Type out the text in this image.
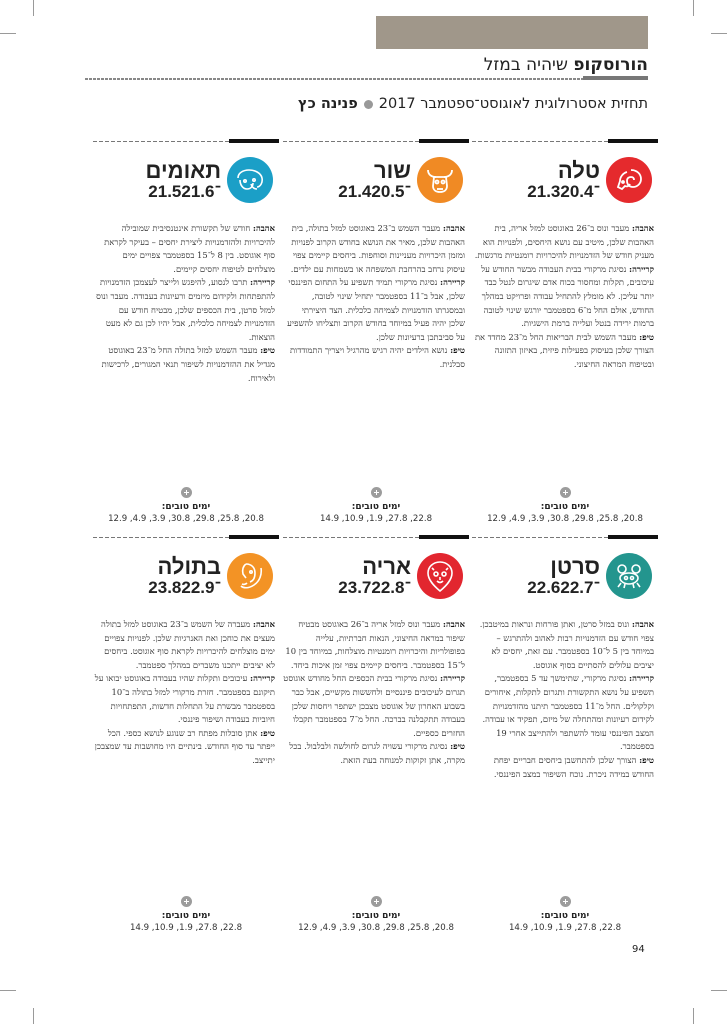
הורוסקופ שיהיה במזל
תחזית אסטרולוגית לאוגוסט־ספטמבר 2017פנינה כץ
טלה
21.3־20.4

אהבה: מעבר ונוס ב־26 באוגוסט למזל אריה, בית האהבות שלכן, מיטיב עם נושא היחסים, ולפנויות הוא מעניק חודש של הזדמנויות להיכרויות רומנטיות מרגשות.

קריירה: נסיגת מרקורי בבית העבודה מבשר החודש על עיכובים, תקלות ומחסור בכוח אדם שיגרום לנטל כבד יותר עליכן. לא מומלץ להתחיל עבודה ופרויקט במהלך החודש, אולם החל מ־6 בספטמבר יורגש שינוי לטובה ברמות ירידה בנטל ועלייה ברמת הישגיות.

טיפ: מעבר השמש לבית הבריאות החל מ־23 מחדד את הצורך שלכן בעיסוק בפעילות פיזית, באיזון התזונה ובטיפוח המראה החיצוני.

ימים טובים:
20.8, 25.8, 29.8, 30.8, 3.9, 4.9, 12.9
שור
21.4־20.5

אהבה: מעבר השמש ב־23 באוגוסט למזל בתולה, בית האהבות שלכן, מאיר את הנושא בחודש הקרוב לפנויות ומזמן היכרויות מעניינות וסוחפות. ביחסים קיימים צפוי עיסוק נרחב בהרחבת המשפחה או בשמחות עם ילדים.

קריירה: נסיגת מרקורי תמיד תשפיע על התחום הפיננסי שלכן, אבל ב־11 בספטמבר יתחיל שינוי לטובה, ובמסגרתו הזדמנויות לצמיחה כלכלית. הצד היצירתי שלכן יהיה פעיל במיוחד בחודש הקרוב ותצליחו להשפיע על סביבתכן ברעיונות שלכן.

טיפ: נושא הילדים יהיה רגיש מהרגיל ויצריך התמודדות סבלנית.

ימים טובים:
22.8, 27.8, 1.9, 10.9, 14.9
תאומים
21.5־21.6

אהבה: חודש של תקשורת אינטנסיבית שמובילה להיכרויות ולהזדמנויות ליצירת יחסים – בעיקר לקראת סוף אוגוסט. בין 8 ל־15 בספטמבר צפויים ימים מוצלחים לטיפוח יחסים קיימים.

קריירה: תרבו לנסוע, להיפגש ולייצר לעצמכן הזדמנויות להתפתחות ולקידום מיזמים ורעיונות בעבודה. מעבר ונוס למזל סרטן, בית הכספים שלכן, מבטיח חודש עם הזדמנויות לצמיחה כלכלית, אבל יהיו לכן גם לא מעט הוצאות.

טיפ: מעבר השמש למזל בתולה החל מ־23 באוגוסט מגדיל את ההזדמנויות לשיפור תנאי המגורים, לרכישות ולאירוח.

ימים טובים:
20.8, 25.8, 29.8, 30.8, 3.9, 4.9, 12.9
סרטן
22.6־22.7

אהבה: ונוס במזל סרטן, ואתן פורחות ונראות במיטבכן. צפוי חודש עם הזדמנויות רבות לאהוב ולהתרגש – במיוחד בין 5 ל־10 בספטמבר. עם זאת, יחסים לא יציבים עלולים להסתיים בסוף אוגוסט.

קריירה: נסיגת מרקורי, שתימשך עד 5 בספטמבר, תשפיע על נושא התקשורת ותגרום לתקלות, איחורים וקלקולים. החל מ־11 בספטמבר תיתנו מהזדמנויות לקידום רעיונות ומהתחלה של מיזם, תפקיד או עבודה. המצב הפיננסי עומד להשתפר ולהתייצב אחרי 19 בספטמבר.

טיפ: הצורך שלכן להתחשבן ביחסים חבריים יפחת החודש במידה ניכרת. נוכח השיפור במצב הפיננסי.

ימים טובים:
22.8, 27.8, 1.9, 10.9, 14.9
אריה
23.7־22.8

אהבה: מעבר ונוס למזל אריה ב־26 באוגוסט מבטיח שיפור במראה החיצוני, הנאות חברתיות, עלייה בפופולריות והיכרויות רומנטיות מוצלחות, במיוחד בין 10 ל־15 בספטמבר. ביחסים קיימים צפוי זמן איכות ביחד.

קריירה: נסיגת מרקורי בבית הכספים החל מחודש אוגוסט תגרום לעיכובים פיננסיים ולחששות מקשיים, אבל כבר בשבוע האחרון של אוגוסט מצבכן ישתפר ויחסות שלכן בעבודה תתקבלנה בברכה. החל מ־7 בספטמבר תקבלו החזרים כספיים.

טיפ: נסיגת מרקורי עשויה לגרום לחולשה ולבלבול. בכל מקרה, אתן זקוקות למנוחה בעת הזאת.

ימים טובים:
20.8, 25.8, 29.8, 30.8, 3.9, 4.9, 12.9
בתולה
23.8־22.9

אהבה: מעברה של השמש ב־23 באוגוסט למזל בתולה מעצים את כוחכן ואת האנרגיות שלכן. לפנויות צפויים ימים מוצלחים להיכרויות לקראת סוף אוגוסט. ביחסים לא יציבים ייתכנו משברים במהלך ספטמבר.

קריירה: עיכובים ותקלות שהיו בעבודה באוגוסט יבואו על תיקונם בספטמבר. חזרת מרקורי למזל בתולה ב־10 בספטמבר מבשרת על התחלות חדשות, התפתחויות חיוביות בעבודה ושיפור פיננסי.

טיפ: אתן סובלות מפתח רב שנוגע לנושא כספי. הכל ייפתר עד סוף החודש. בינתיים היו מחושבות עד שמצבכן יתייצב.

ימים טובים:
22.8, 27.8, 1.9, 10.9, 14.9
94
